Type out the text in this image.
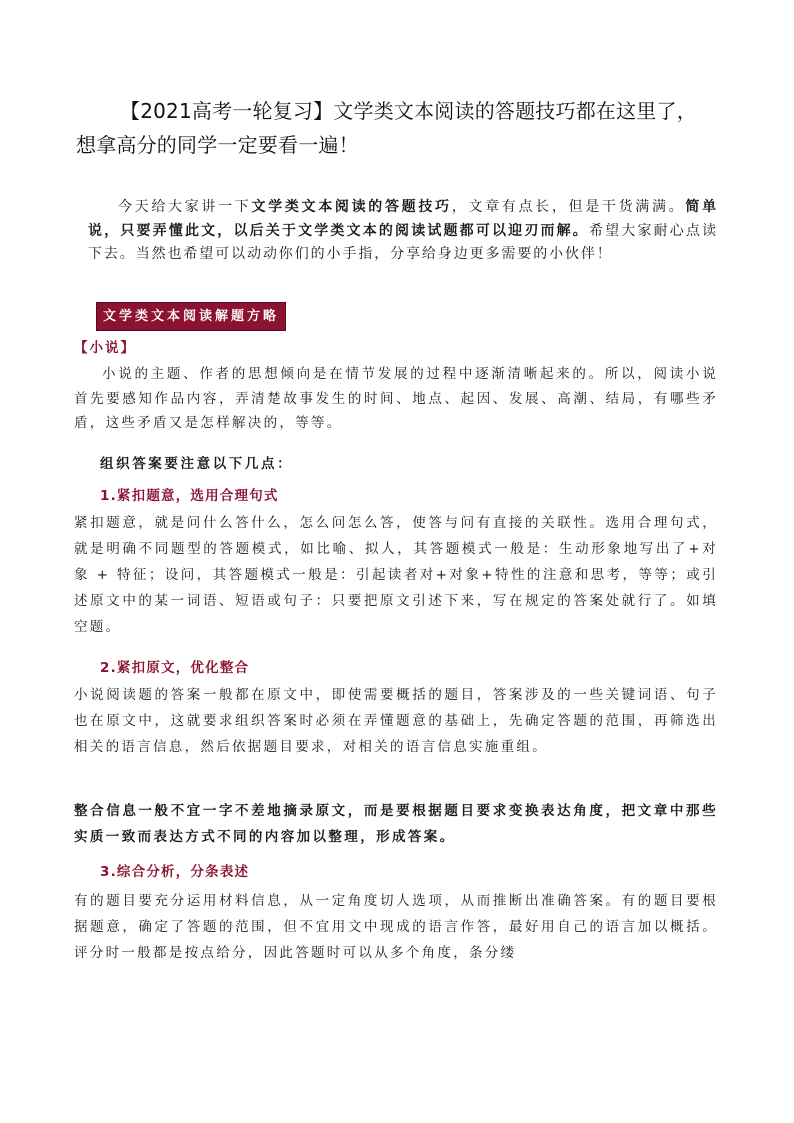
【2021高考一轮复习】文学类文本阅读的答题技巧都在这里了，
想拿高分的同学一定要看一遍！
今天给大家讲一下文学类文本阅读的答题技巧，文章有点长，但是干货满满。简单说，只要弄懂此文，以后关于文学类文本的阅读试题都可以迎刃而解。希望大家耐心点读下去。当然也希望可以动动你们的小手指，分享给身边更多需要的小伙伴！
文学类文本阅读解题方略
【小说】
小说的主题、作者的思想倾向是在情节发展的过程中逐渐清晰起来的。所以，阅读小说首先要感知作品内容，弄清楚故事发生的时间、地点、起因、发展、高潮、结局，有哪些矛盾，这些矛盾又是怎样解决的，等等。
组织答案要注意以下几点：
1.紧扣题意，选用合理句式
紧扣题意，就是问什么答什么，怎么问怎么答，使答与问有直接的关联性。选用合理句式，就是明确不同题型的答题模式，如比喻、拟人，其答题模式一般是：生动形象地写出了+对象 + 特征；设问，其答题模式一般是：引起读者对+对象+特性的注意和思考，等等；或引述原文中的某一词语、短语或句子：只要把原文引述下来，写在规定的答案处就行了。如填空题。
2.紧扣原文，优化整合
小说阅读题的答案一般都在原文中，即使需要概括的题目，答案涉及的一些关键词语、句子也在原文中，这就要求组织答案时必须在弄懂题意的基础上，先确定答题的范围，再筛选出相关的语言信息，然后依据题目要求，对相关的语言信息实施重组。
整合信息一般不宜一字不差地摘录原文，而是要根据题目要求变换表达角度，把文章中那些实质一致而表达方式不同的内容加以整理，形成答案。
3.综合分析，分条表述
有的题目要充分运用材料信息，从一定角度切人选项，从而推断出准确答案。有的题目要根据题意，确定了答题的范围，但不宜用文中现成的语言作答，最好用自己的语言加以概括。评分时一般都是按点给分，因此答题时可以从多个角度，条分缕
